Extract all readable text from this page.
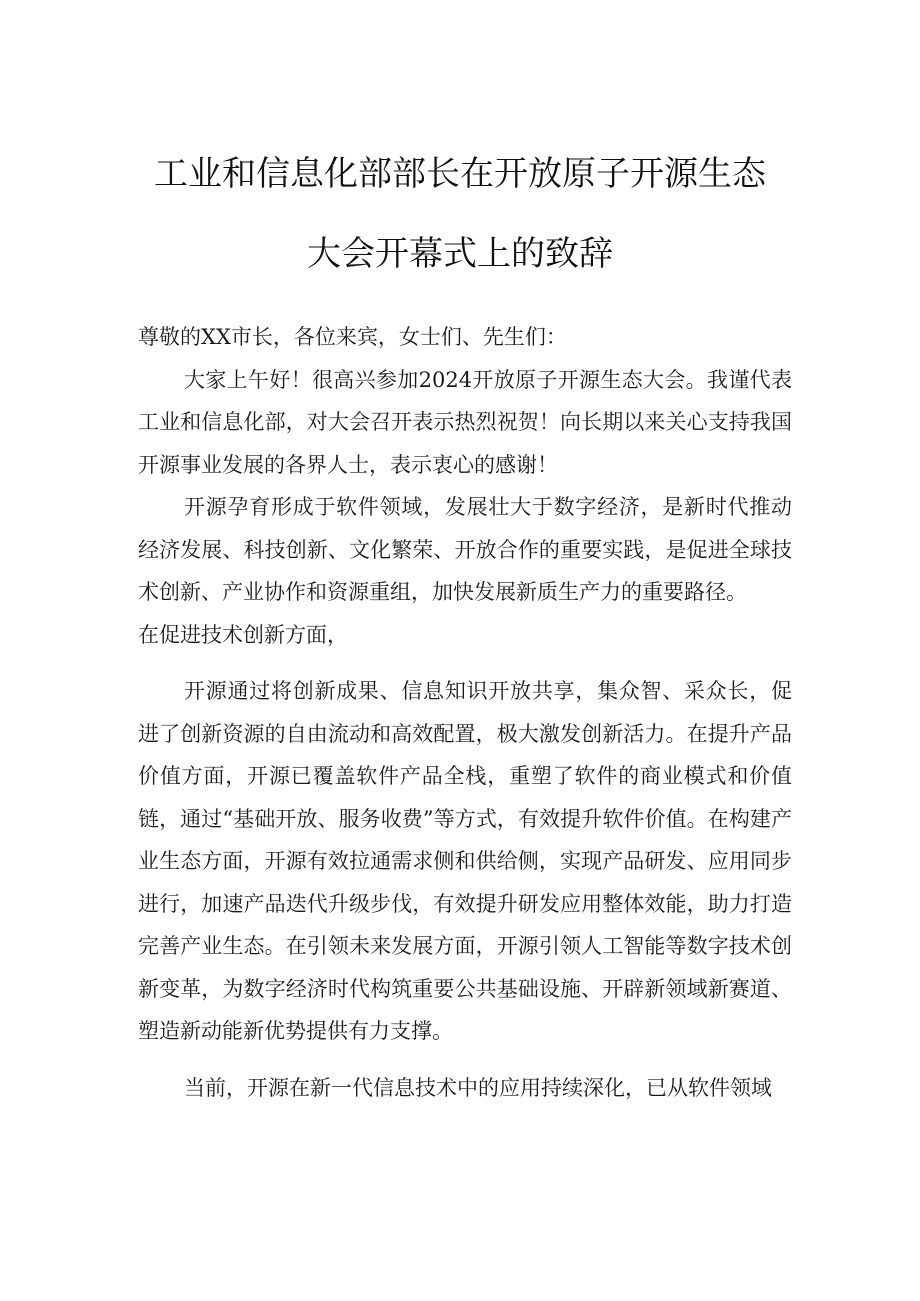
工业和信息化部部长在开放原子开源生态
大会开幕式上的致辞

尊敬的XX市长，各位来宾，女士们、先生们：

大家上午好！很高兴参加2024开放原子开源生态大会。我谨代表工业和信息化部，对大会召开表示热烈祝贺！向长期以来关心支持我国开源事业发展的各界人士，表示衷心的感谢！

开源孕育形成于软件领域，发展壮大于数字经济，是新时代推动经济发展、科技创新、文化繁荣、开放合作的重要实践，是促进全球技术创新、产业协作和资源重组，加快发展新质生产力的重要路径。

在促进技术创新方面，

开源通过将创新成果、信息知识开放共享，集众智、采众长，促进了创新资源的自由流动和高效配置，极大激发创新活力。在提升产品价值方面，开源已覆盖软件产品全栈，重塑了软件的商业模式和价值链，通过“基础开放、服务收费”等方式，有效提升软件价值。在构建产业生态方面，开源有效拉通需求侧和供给侧，实现产品研发、应用同步进行，加速产品迭代升级步伐，有效提升研发应用整体效能，助力打造完善产业生态。在引领未来发展方面，开源引领人工智能等数字技术创新变革，为数字经济时代构筑重要公共基础设施、开辟新领域新赛道、塑造新动能新优势提供有力支撑。

当前，开源在新一代信息技术中的应用持续深化，已从软件领域
